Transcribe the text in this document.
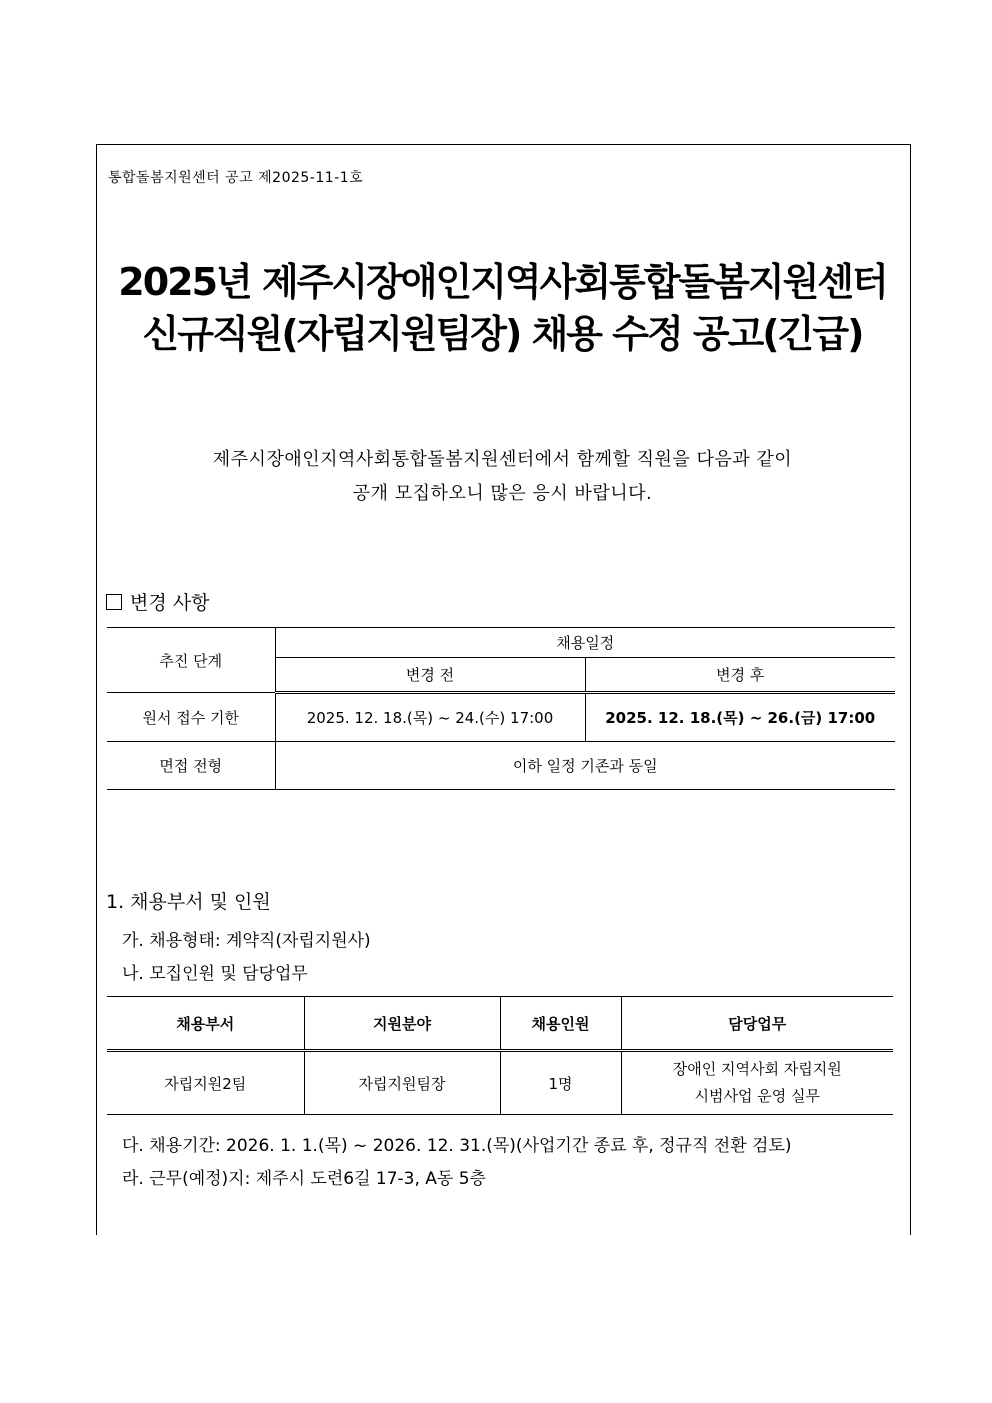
통합돌봄지원센터 공고 제2025-11-1호
2025년 제주시장애인지역사회통합돌봄지원센터
신규직원(자립지원팀장) 채용 수정 공고(긴급)
제주시장애인지역사회통합돌봄지원센터에서 함께할 직원을 다음과 같이
공개 모집하오니 많은 응시 바랍니다.
변경 사항
추진 단계	채용일정	
	변경 전	변경 후
원서 접수 기한	2025. 12. 18.(목) ~ 24.(수) 17:00	2025. 12. 18.(목) ~ 26.(금) 17:00
면접 전형	이하 일정 기존과 동일	
1. 채용부서 및 인원
가. 채용형태: 계약직(자립지원사)
나. 모집인원 및 담당업무
채용부서	지원분야	채용인원	담당업무
자립지원2팀	자립지원팀장	1명	장애인 지역사회 자립지원
시범사업 운영 실무
다. 채용기간: 2026. 1. 1.(목) ~ 2026. 12. 31.(목)(사업기간 종료 후, 정규직 전환 검토)
라. 근무(예정)지: 제주시 도련6길 17-3, A동 5층
